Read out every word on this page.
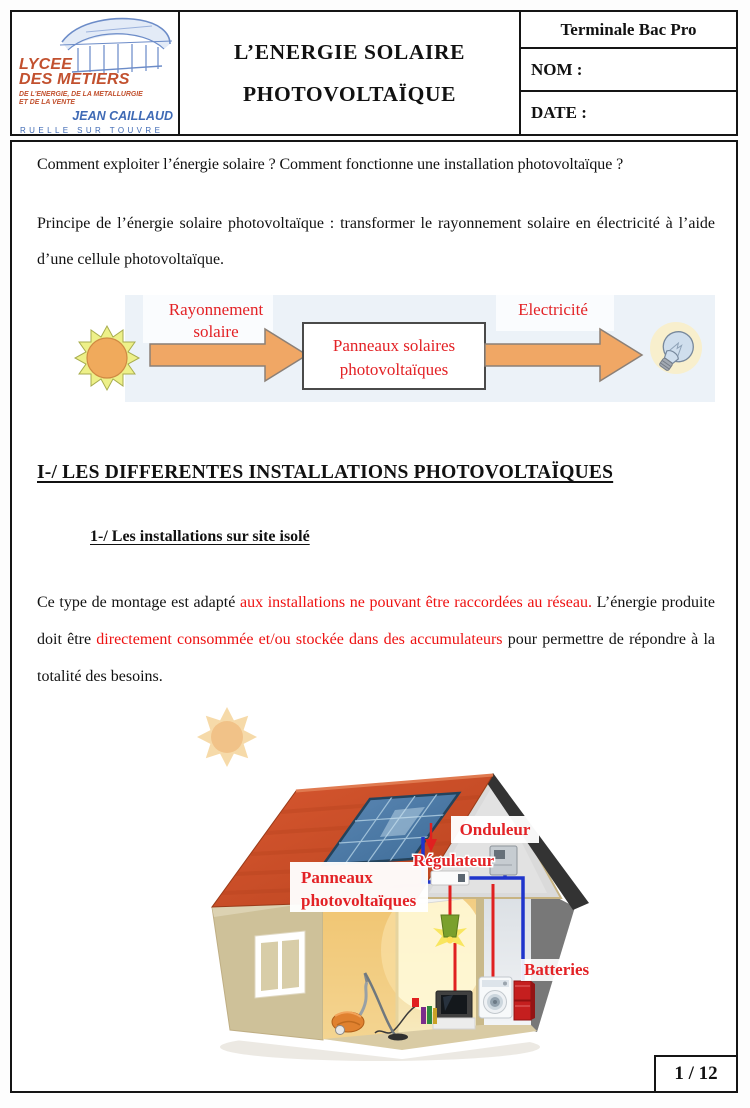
LYCEE
DES METIERS
DE L'ENERGIE, DE LA METALLURGIE
ET DE LA VENTE
JEAN CAILLAUD
RUELLE SUR TOUVRE
L’ENERGIE SOLAIRE
PHOTOVOLTAÏQUE
Terminale Bac Pro
NOM :
DATE :

Comment exploiter l’énergie solaire ? Comment fonctionne une installation photovoltaïque ?

Principe de l’énergie solaire photovoltaïque : transformer le rayonnement solaire en électricité à l’aide d’une cellule photovoltaïque.

Rayonnement
solaire
Panneaux solaires
photovoltaïques
Electricité
I-/ LES DIFFERENTES INSTALLATIONS PHOTOVOLTAÏQUES
1-/ Les installations sur site isolé

Ce type de montage est adapté aux installations ne pouvant être raccordées au réseau. L’énergie produite doit être directement consommée et/ou stockée dans des accumulateurs pour permettre de répondre à la totalité des besoins.

Panneaux
photovoltaïques
Onduleur
Régulateur
Batteries
1 / 12
